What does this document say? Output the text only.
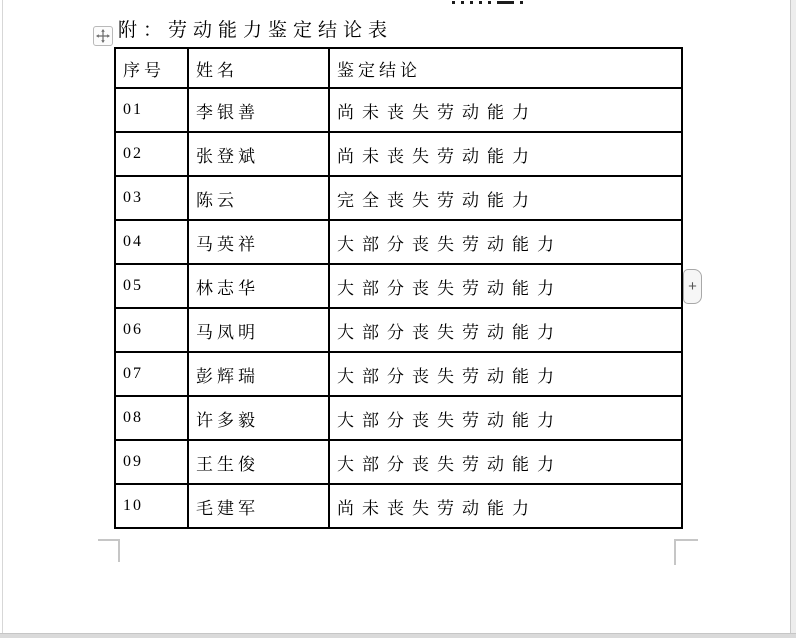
附：劳动能力鉴定结论表
序号	姓名	鉴定结论
01	李银善	尚未丧失劳动能力
02	张登斌	尚未丧失劳动能力
03	陈云	完全丧失劳动能力
04	马英祥	大部分丧失劳动能力
05	林志华	大部分丧失劳动能力
06	马凤明	大部分丧失劳动能力
07	彭辉瑞	大部分丧失劳动能力
08	许多毅	大部分丧失劳动能力
09	王生俊	大部分丧失劳动能力
10	毛建军	尚未丧失劳动能力
+
